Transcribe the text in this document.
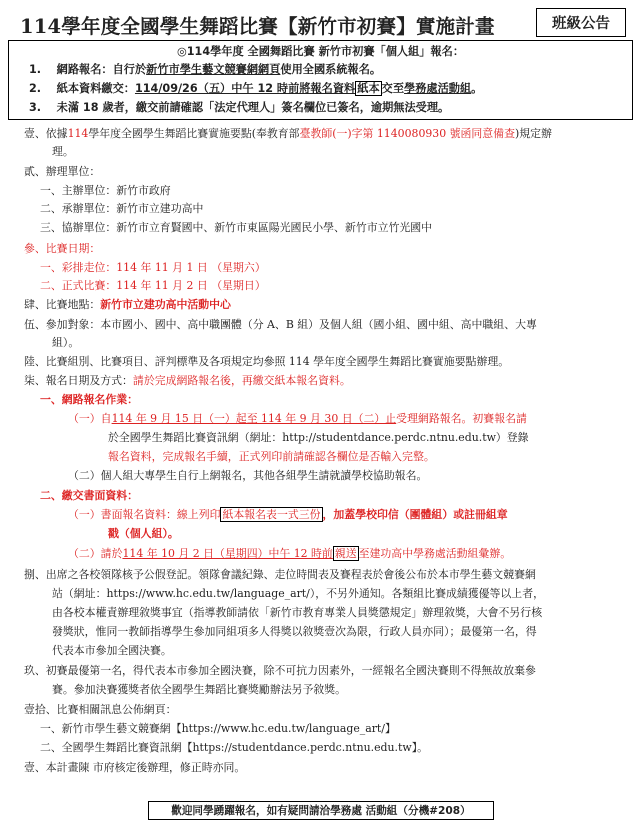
114學年度全國學生舞蹈比賽【新竹市初賽】實施計畫	班級公告
◎114學年度 全國舞蹈比賽 新竹市初賽「個人組」報名：
1. 網路報名：自行於新竹市學生藝文競賽網網頁使用全國系統報名。
2. 紙本資料繳交：114/09/26（五）中午 12 時前將報名資料 紙本 交至學務處活動組。
3. 未滿 18 歲者，繳交前請確認「法定代理人」簽名欄位已簽名，逾期無法受理。
壹、依據114學年度全國學生舞蹈比賽實施要點(奉教育部臺教師(一)字第 1140080930 號函同意備查)規定辦
理。
貳、辦理單位：
一、主辦單位：新竹市政府
二、承辦單位：新竹市立建功高中
三、協辦單位：新竹市立育賢國中、新竹市東區陽光國民小學、新竹市立竹光國中
參、比賽日期：
一、彩排走位：114 年 11 月 1 日 （星期六）
二、正式比賽：114 年 11 月 2 日 （星期日）
肆、比賽地點：新竹市立建功高中活動中心
伍、參加對象：本市國小、國中、高中職團體（分 A、B 組）及個人組（國小組、國中組、高中職組、大專
組）。
陸、比賽組別、比賽項目、評判標準及各項規定均參照 114 學年度全國學生舞蹈比賽實施要點辦理。
柒、報名日期及方式：請於完成網路報名後，再繳交紙本報名資料。
一、網路報名作業：
（一）自114 年 9 月 15 日（一）起至 114 年 9 月 30 日（二）止受理網路報名。初賽報名請
於全國學生舞蹈比賽資訊網（網址：http://studentdance.perdc.ntnu.edu.tw）登錄
報名資料，完成報名手續，正式列印前請確認各欄位是否輸入完整。
（二）個人組大專學生自行上網報名，其他各組學生請就讀學校協助報名。
二、繳交書面資料：
（一）書面報名資料：線上列印 紙本報名表一式三份 ，加蓋學校印信（團體組）或註冊組章
戳（個人組）。
（二）請於114 年 10 月 2 日（星期四）中午 12 時前 親送 至建功高中學務處活動組彙辦。
捌、出席之各校領隊核予公假登記。領隊會議紀錄、走位時間表及賽程表於會後公布於本市學生藝文競賽網
站（網址：https://www.hc.edu.tw/language_art/），不另外通知。各類組比賽成績獲優等以上者，
由各校本權責辦理敘獎事宜（指導教師請依「新竹市教育專業人員獎懲規定」辦理敘獎，大會不另行核
發獎狀，惟同一教師指導學生參加同組項多人得獎以敘獎壹次為限，行政人員亦同）；最優第一名，得
代表本市參加全國決賽。
玖、初賽最優第一名，得代表本市參加全國決賽，除不可抗力因素外，一經報名全國決賽則不得無故放棄參
賽。參加決賽獲獎者依全國學生舞蹈比賽獎勵辦法另予敘獎。
壹拾、比賽相關訊息公佈網頁：
一、新竹市學生藝文競賽網【https://www.hc.edu.tw/language_art/】
二、全國學生舞蹈比賽資訊網【https://studentdance.perdc.ntnu.edu.tw】。
壹、本計畫陳 市府核定後辦理，修正時亦同。
歡迎同學踴躍報名，如有疑問請洽學務處 活動組（分機#208）
